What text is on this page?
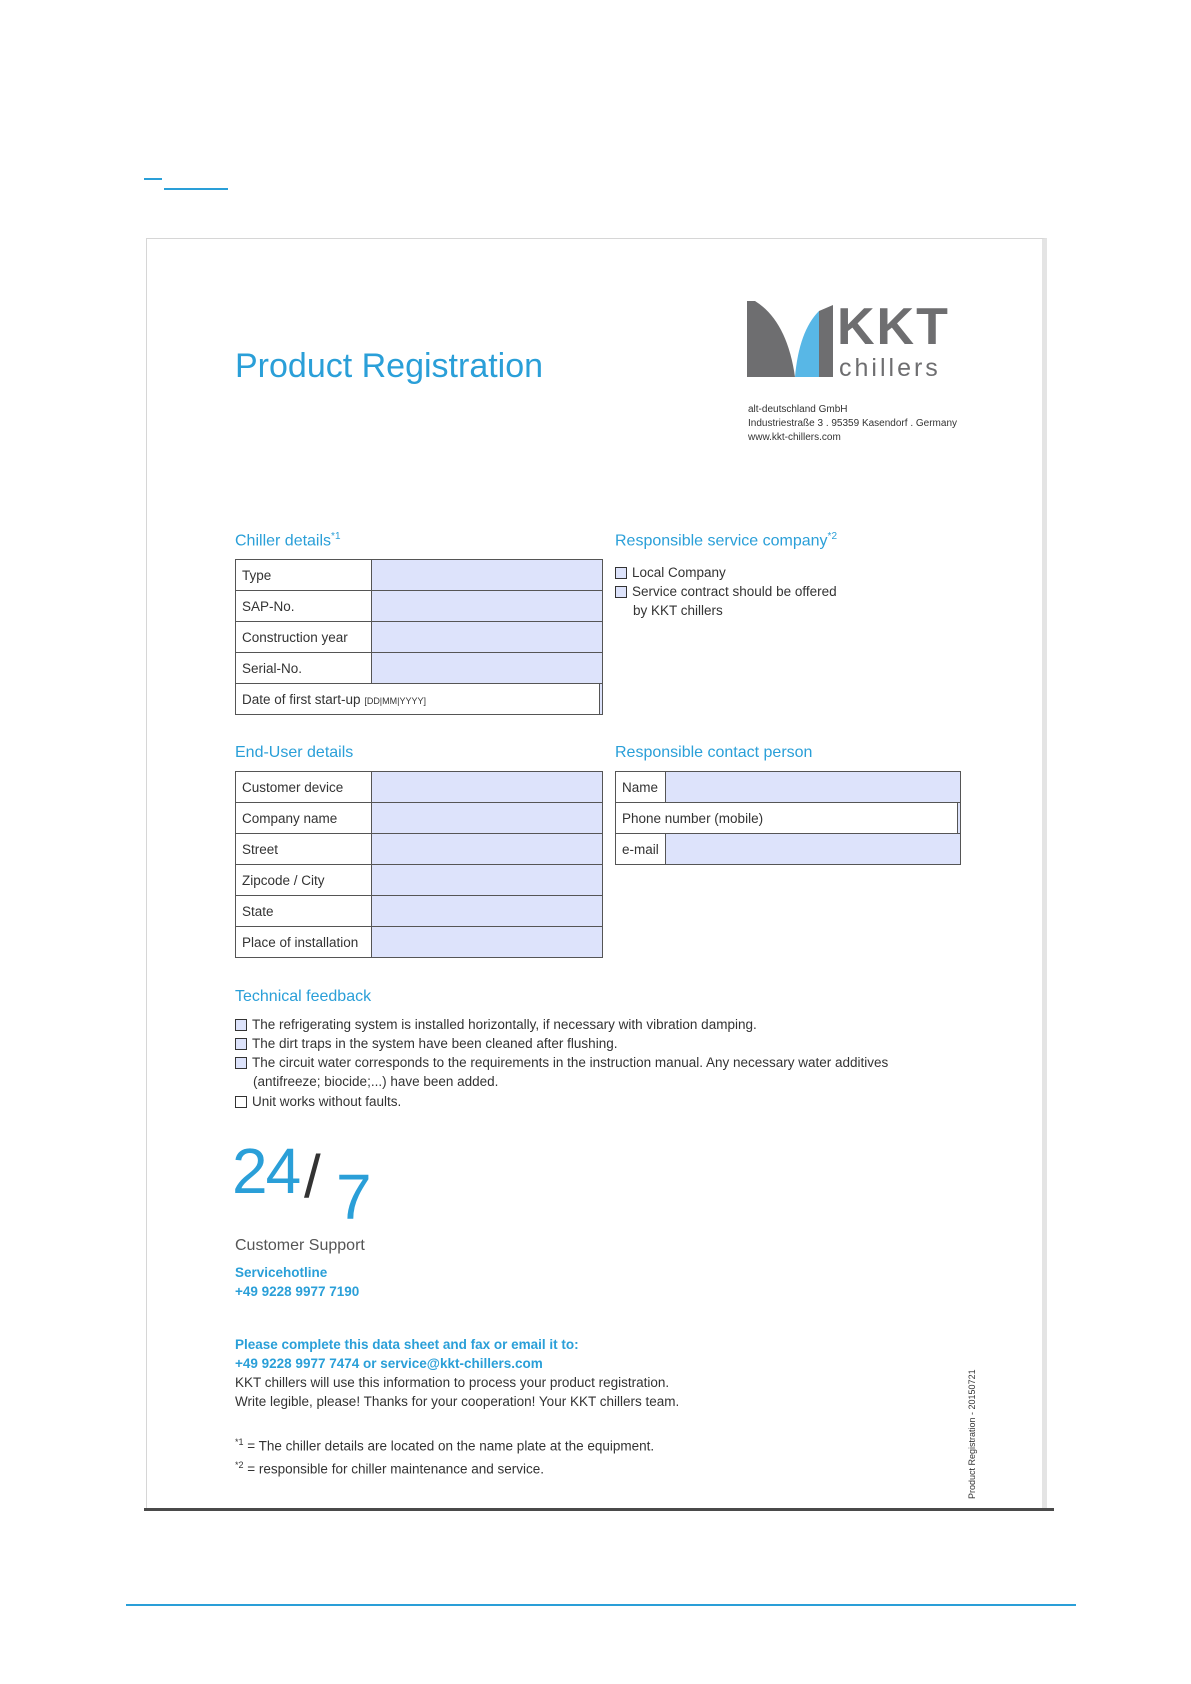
Product Registration
KKT
chillers
alt-deutschland GmbH
Industriestraße 3 . 95359 Kasendorf . Germany
www.kkt-chillers.com
Chiller details$^{*1}$
Type		
SAP-No.		
Construction year		
Serial-No.		
Date of first start-up [DD|MM|YYYY]		
Responsible service company$^{*2}$
Local Company
Service contract should be offered
by KKT chillers
End-User details
Customer device	
Company name	
Street	
Zipcode / City	
State	
Place of installation	
Responsible contact person
Name		
Phone number (mobile)		
e-mail		
Technical feedback
The refrigerating system is installed horizontally, if necessary with vibration damping.
The dirt traps in the system have been cleaned after flushing.
The circuit water corresponds to the requirements in the instruction manual. Any necessary water additives
(antifreeze; biocide;...) have been added.
Unit works without faults.
24 / 7
Customer Support
Servicehotline
+49 9228 9977 7190
Please complete this data sheet and fax or email it to:
+49 9228 9977 7474 or service@kkt-chillers.com
KKT chillers will use this information to process your product registration.
Write legible, please! Thanks for your cooperation! Your KKT chillers team.
$^{*1}$ = The chiller details are located on the name plate at the equipment.
$^{*2}$ = responsible for chiller maintenance and service.	Product Registration - 20150721
